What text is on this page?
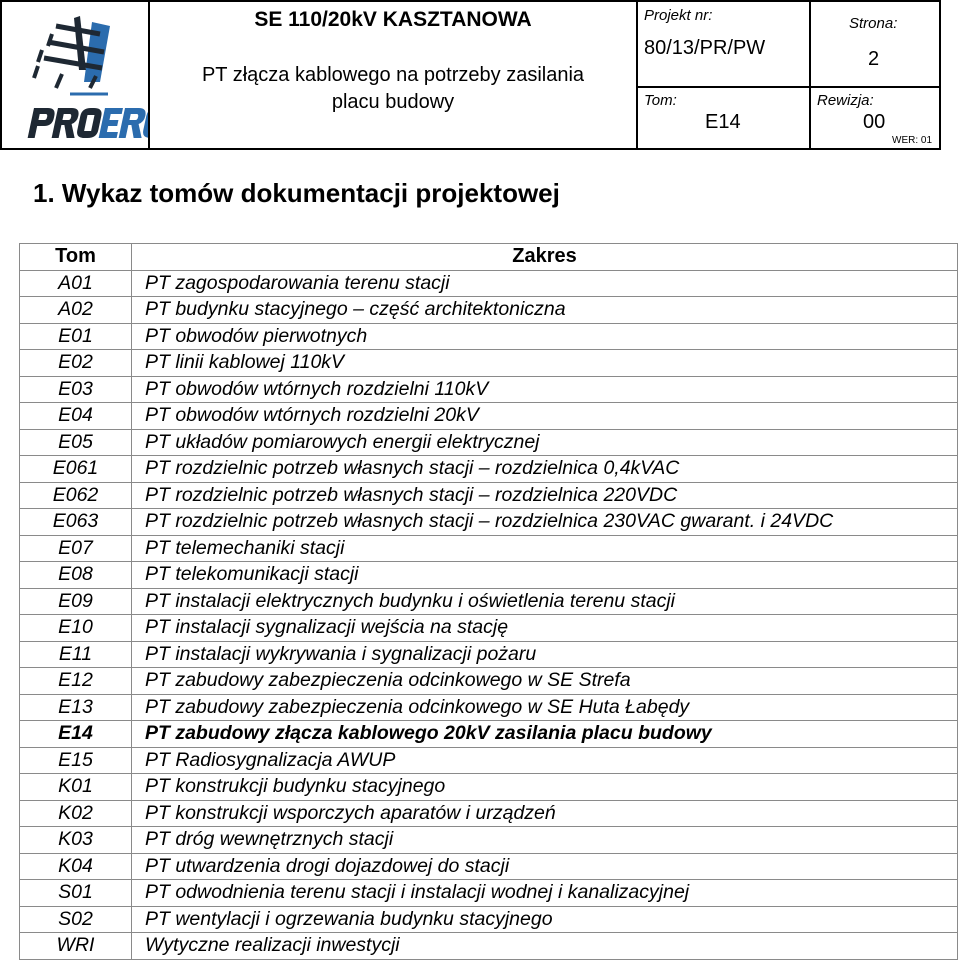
SE 110/20kV KASZTANOWA
PT złącza kablowego na potrzeby zasilania
placu budowy
Projekt nr:
80/13/PR/PW
Strona:
2
Tom:
E14
Rewizja:
00
WER: 01
1. Wykaz tomów dokumentacji projektowej
Tom	Zakres
A01	PT zagospodarowania terenu stacji
A02	PT budynku stacyjnego – część architektoniczna
E01	PT obwodów pierwotnych
E02	PT linii kablowej 110kV
E03	PT obwodów wtórnych rozdzielni 110kV
E04	PT obwodów wtórnych rozdzielni 20kV
E05	PT układów pomiarowych energii elektrycznej
E061	PT rozdzielnic potrzeb własnych stacji – rozdzielnica 0,4kVAC
E062	PT rozdzielnic potrzeb własnych stacji – rozdzielnica 220VDC
E063	PT rozdzielnic potrzeb własnych stacji – rozdzielnica 230VAC gwarant. i 24VDC
E07	PT telemechaniki stacji
E08	PT telekomunikacji stacji
E09	PT instalacji elektrycznych budynku i oświetlenia terenu stacji
E10	PT instalacji sygnalizacji wejścia na stację
E11	PT instalacji wykrywania i sygnalizacji pożaru
E12	PT zabudowy zabezpieczenia odcinkowego w SE Strefa
E13	PT zabudowy zabezpieczenia odcinkowego w SE Huta Łabędy
E14	PT zabudowy złącza kablowego 20kV zasilania placu budowy
E15	PT Radiosygnalizacja AWUP
K01	PT konstrukcji budynku stacyjnego
K02	PT konstrukcji wsporczych aparatów i urządzeń
K03	PT dróg wewnętrznych stacji
K04	PT utwardzenia drogi dojazdowej do stacji
S01	PT odwodnienia terenu stacji i instalacji wodnej i kanalizacyjnej
S02	PT wentylacji i ogrzewania budynku stacyjnego
WRI	Wytyczne realizacji inwestycji
